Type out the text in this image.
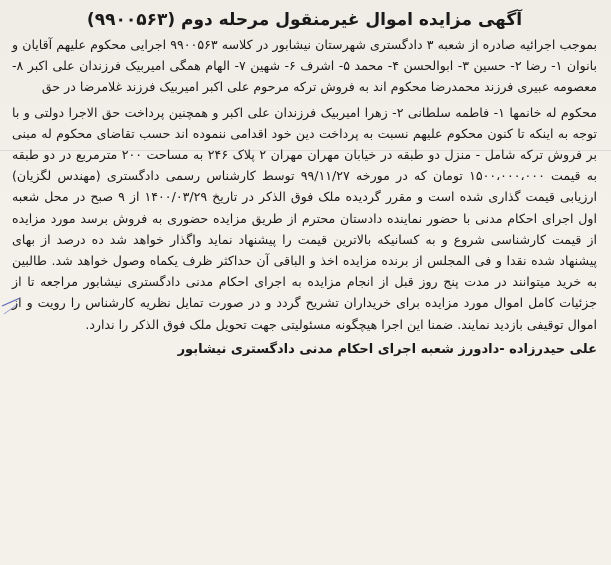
آگهی مزایده اموال غیرمنقول مرحله دوم (۹۹۰۰۵۶۳)

بموجب اجرائیه صادره از شعبه ۳ دادگستری شهرستان نیشابور در کلاسه ۹۹۰۰۵۶۳ اجرایی محکوم علیهم آقایان و بانوان ۱- رضا ۲- حسین ۳- ابوالحسن ۴- محمد ۵- اشرف ۶- شهین ۷- الهام همگی امیربیک فرزندان علی اکبر ۸- معصومه عبیری فرزند محمدرضا محکوم اند به فروش ترکه مرحوم علی اکبر امیربیک فرزند غلامرضا در حق

محکوم له خانمها ۱- فاطمه سلطانی ۲- زهرا امیربیک فرزندان علی اکبر و همچنین پرداخت حق الاجرا دولتی و با توجه به اینکه تا کنون محکوم علیهم نسبت به پرداخت دین خود اقدامی ننموده اند حسب تقاضای محکوم له مبنی بر فروش ترکه شامل - منزل دو طبقه در خیابان مهران مهران ۲ پلاک ۲۴۶ به مساحت ۲۰۰ مترمربع در دو طبقه به قیمت ۱۵۰۰،۰۰۰،۰۰۰ تومان که در مورخه ۹۹/۱۱/۲۷ توسط کارشناس رسمی دادگستری (مهندس لگزیان) ارزیابی قیمت گذاری شده است و مقرر گردیده ملک فوق الذکر در تاریخ ۱۴۰۰/۰۳/۲۹ از ۹ صبح در محل شعبه اول اجرای احکام مدنی با حضور نماینده دادستان محترم از طریق مزایده حضوری به فروش برسد مورد مزایده از قیمت کارشناسی شروع و به کسانیکه بالاترین قیمت را پیشنهاد نماید واگذار خواهد شد ده درصد از بهای پیشنهاد شده نقدا و فی المجلس از برنده مزایده اخذ و الباقی آن حداکثر ظرف یکماه وصول خواهد شد. طالبین به خرید میتوانند در مدت پنج روز قبل از انجام مزایده به اجرای احکام مدنی دادگستری نیشابور مراجعه تا از جزئیات کامل اموال مورد مزایده برای خریداران تشریح گردد و در صورت تمایل نظریه کارشناس را رویت و از اموال توقیفی بازدید نمایند. ضمنا این اجرا هیچگونه مسئولیتی جهت تحویل ملک فوق الذکر را ندارد.

علی حیدرزاده -دادورز شعبه اجرای احکام مدنی دادگستری نیشابور
